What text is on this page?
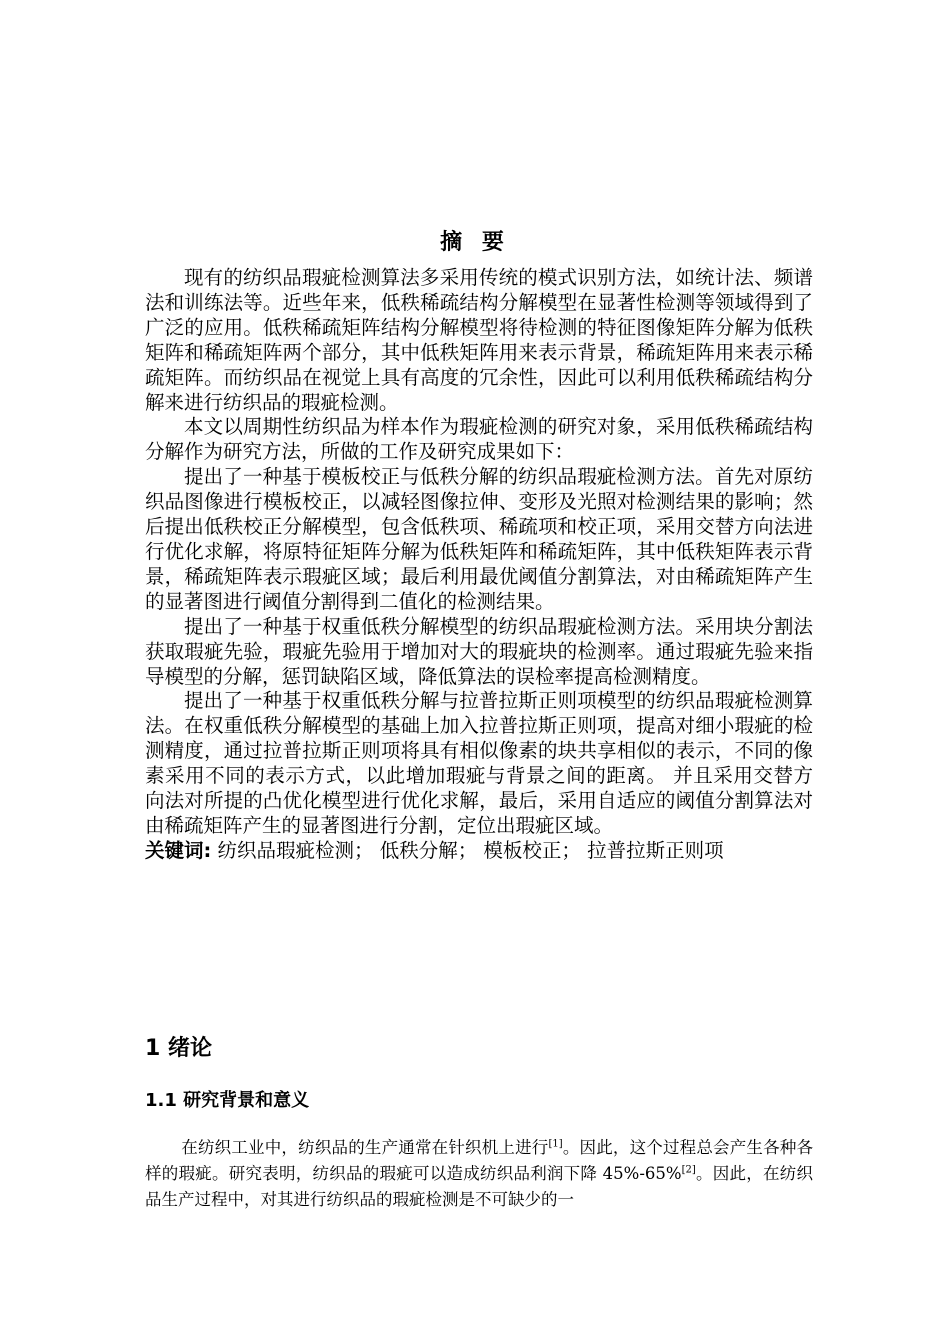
摘 要

现有的纺织品瑕疵检测算法多采用传统的模式识别方法，如统计法、频谱法和训练法等。近些年来，低秩稀疏结构分解模型在显著性检测等领域得到了广泛的应用。低秩稀疏矩阵结构分解模型将待检测的特征图像矩阵分解为低秩矩阵和稀疏矩阵两个部分，其中低秩矩阵用来表示背景，稀疏矩阵用来表示稀疏矩阵。而纺织品在视觉上具有高度的冗余性，因此可以利用低秩稀疏结构分解来进行纺织品的瑕疵检测。

本文以周期性纺织品为样本作为瑕疵检测的研究对象，采用低秩稀疏结构分解作为研究方法，所做的工作及研究成果如下：

提出了一种基于模板校正与低秩分解的纺织品瑕疵检测方法。首先对原纺织品图像进行模板校正，以减轻图像拉伸、变形及光照对检测结果的影响；然后提出低秩校正分解模型，包含低秩项、稀疏项和校正项，采用交替方向法进行优化求解，将原特征矩阵分解为低秩矩阵和稀疏矩阵，其中低秩矩阵表示背景，稀疏矩阵表示瑕疵区域；最后利用最优阈值分割算法，对由稀疏矩阵产生的显著图进行阈值分割得到二值化的检测结果。

提出了一种基于权重低秩分解模型的纺织品瑕疵检测方法。采用块分割法获取瑕疵先验，瑕疵先验用于增加对大的瑕疵块的检测率。通过瑕疵先验来指导模型的分解，惩罚缺陷区域，降低算法的误检率提高检测精度。

提出了一种基于权重低秩分解与拉普拉斯正则项模型的纺织品瑕疵检测算法。在权重低秩分解模型的基础上加入拉普拉斯正则项，提高对细小瑕疵的检测精度，通过拉普拉斯正则项将具有相似像素的块共享相似的表示，不同的像素采用不同的表示方式，以此增加瑕疵与背景之间的距离。 并且采用交替方向法对所提的凸优化模型进行优化求解，最后，采用自适应的阈值分割算法对由稀疏矩阵产生的显著图进行分割，定位出瑕疵区域。

关键词: 纺织品瑕疵检测； 低秩分解； 模板校正； 拉普拉斯正则项
1 绪论
1.1 研究背景和意义

在纺织工业中，纺织品的生产通常在针织机上进行[1]。因此，这个过程总会产生各种各样的瑕疵。研究表明，纺织品的瑕疵可以造成纺织品利润下降 45%-65%[2]。因此，在纺织品生产过程中，对其进行纺织品的瑕疵检测是不可缺少的一
